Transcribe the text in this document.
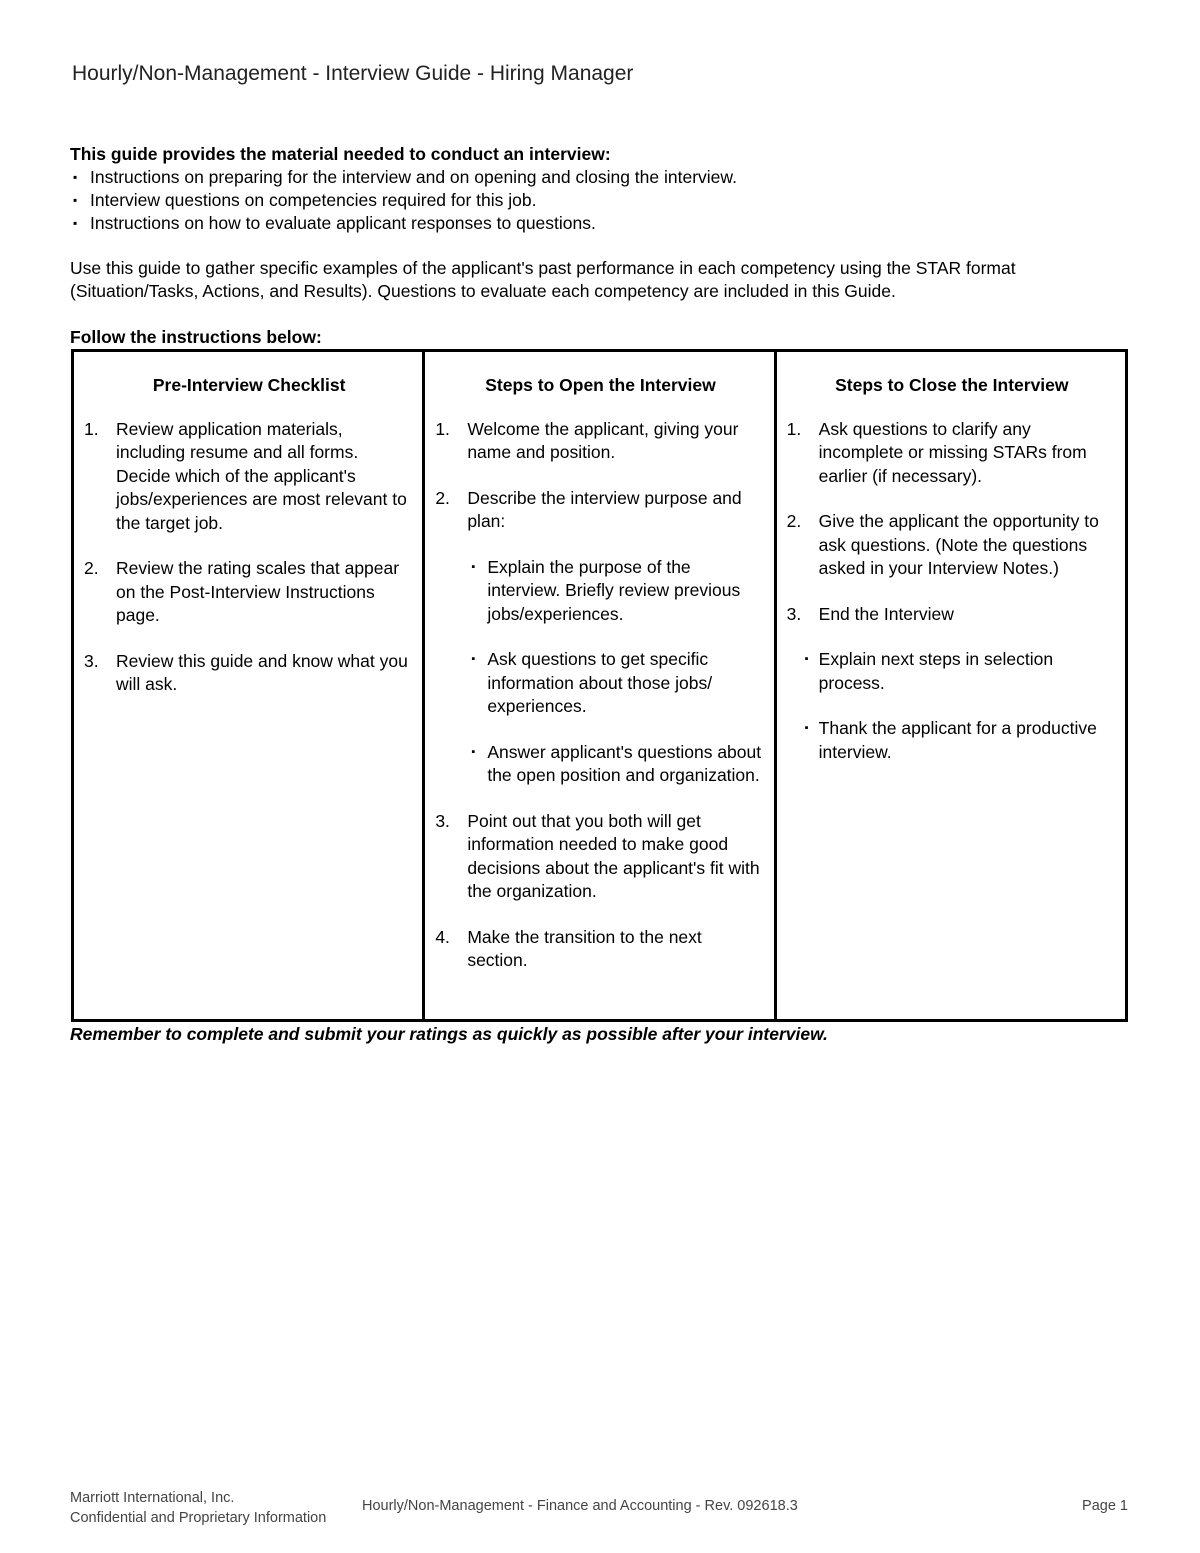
Hourly/Non-Management - Interview Guide - Hiring Manager
This guide provides the material needed to conduct an interview:
▪ Instructions on preparing for the interview and on opening and closing the interview.
▪ Interview questions on competencies required for this job.
▪ Instructions on how to evaluate applicant responses to questions.
Use this guide to gather specific examples of the applicant's past performance in each competency using the STAR format (Situation/Tasks, Actions, and Results). Questions to evaluate each competency are included in this Guide.
Follow the instructions below:
Pre-Interview Checklist
1. Review application materials, including resume and all forms. Decide which of the applicant's jobs/experiences are most relevant to the target job.
2. Review the rating scales that appear on the Post-Interview Instructions page.
3. Review this guide and know what you will ask.
Steps to Open the Interview
1. Welcome the applicant, giving your name and position.
2. Describe the interview purpose and plan:
▪ Explain the purpose of the interview. Briefly review previous jobs/experiences.
▪ Ask questions to get specific information about those jobs/ experiences.
▪ Answer applicant's questions about the open position and organization.
3. Point out that you both will get information needed to make good decisions about the applicant's fit with the organization.
4. Make the transition to the next section.
Steps to Close the Interview
1. Ask questions to clarify any incomplete or missing STARs from earlier (if necessary).
2. Give the applicant the opportunity to ask questions. (Note the questions asked in your Interview Notes.)
3. End the Interview
▪ Explain next steps in selection process.
▪ Thank the applicant for a productive interview.
Remember to complete and submit your ratings as quickly as possible after your interview.
Marriott International, Inc.
Confidential and Proprietary Information
Hourly/Non-Management - Finance and Accounting - Rev. 092618.3	Page 1
